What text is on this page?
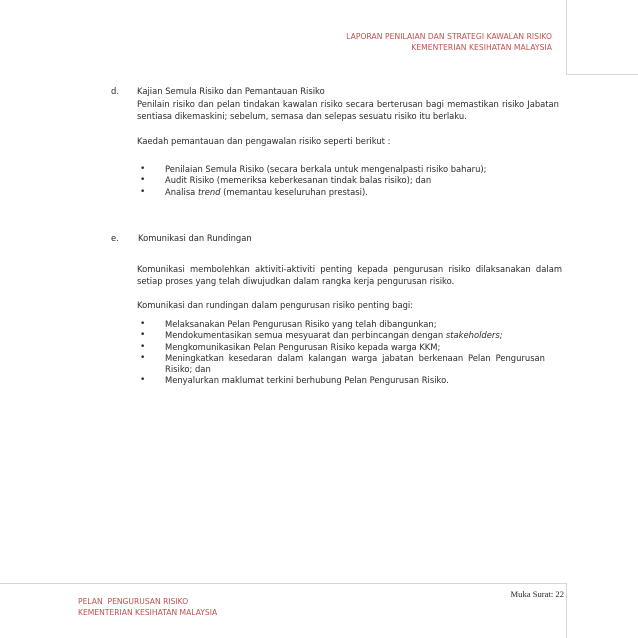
LAPORAN PENILAIAN DAN STRATEGI KAWALAN RISIKO
KEMENTERIAN KESIHATAN MALAYSIA
d. Kajian Semula Risiko dan Pemantauan Risiko
Penilain risiko dan pelan tindakan kawalan risiko secara berterusan bagi memastikan risiko Jabatan sentiasa dikemaskini; sebelum, semasa dan selepas sesuatu risiko itu berlaku.
Kaedah pemantauan dan pengawalan risiko seperti berikut :
• Penilaian Semula Risiko (secara berkala untuk mengenalpasti risiko baharu);
• Audit Risiko (memeriksa keberkesanan tindak balas risiko); dan
• Analisa trend (memantau keseluruhan prestasi).
e. Komunikasi dan Rundingan
Komunikasi membolehkan aktiviti-aktiviti penting kepada pengurusan risiko dilaksanakan dalam setiap proses yang telah diwujudkan dalam rangka kerja pengurusan risiko.
Komunikasi dan rundingan dalam pengurusan risiko penting bagi:
• Melaksanakan Pelan Pengurusan Risiko yang telah dibangunkan;
• Mendokumentasikan semua mesyuarat dan perbincangan dengan stakeholders;
• Mengkomunikasikan Pelan Pengurusan Risiko kepada warga KKM;
• Meningkatkan kesedaran dalam kalangan warga jabatan berkenaan Pelan Pengurusan Risiko; dan
• Menyalurkan maklumat terkini berhubung Pelan Pengurusan Risiko.
PELAN  PENGURUSAN RISIKO
KEMENTERIAN KESIHATAN MALAYSIA
Muka Surat: 22
